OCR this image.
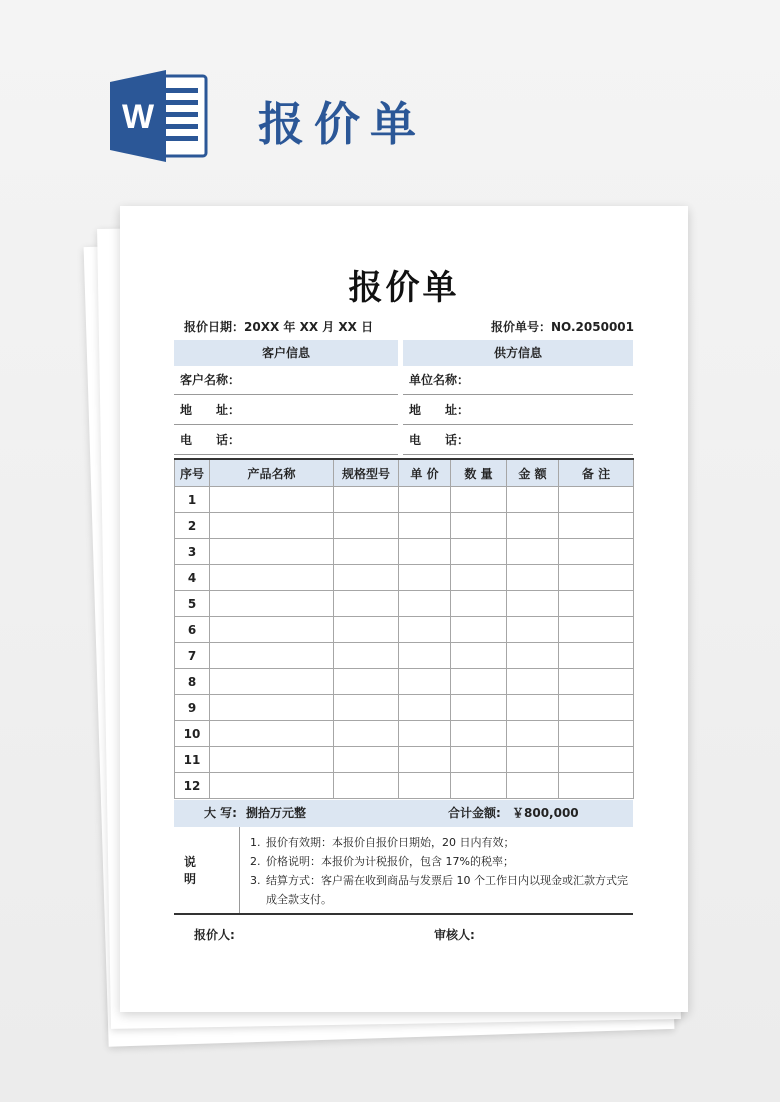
W 报价单
报价单
报价日期：20XX 年 XX 月 XX 日	报价单号：NO.2050001
客户信息	供方信息
客户名称：
地　　址：
电　　话：
单位名称：
地　　址：
电　　话：
序号	产品名称	规格型号	单 价	数 量	金 额	备 注
1						
2						
3						
4						
5						
6						
7						
8						
9						
10						
11						
12						
大 写: 捌拾万元整	合计金额: ￥800,000
说明
1. 报价有效期：本报价自报价日期始，20 日内有效；
2. 价格说明：本报价为计税报价，包含 17%的税率；
3. 结算方式：客户需在收到商品与发票后 10 个工作日内以现金或汇款方式完成全款支付。
报价人:	审核人:
